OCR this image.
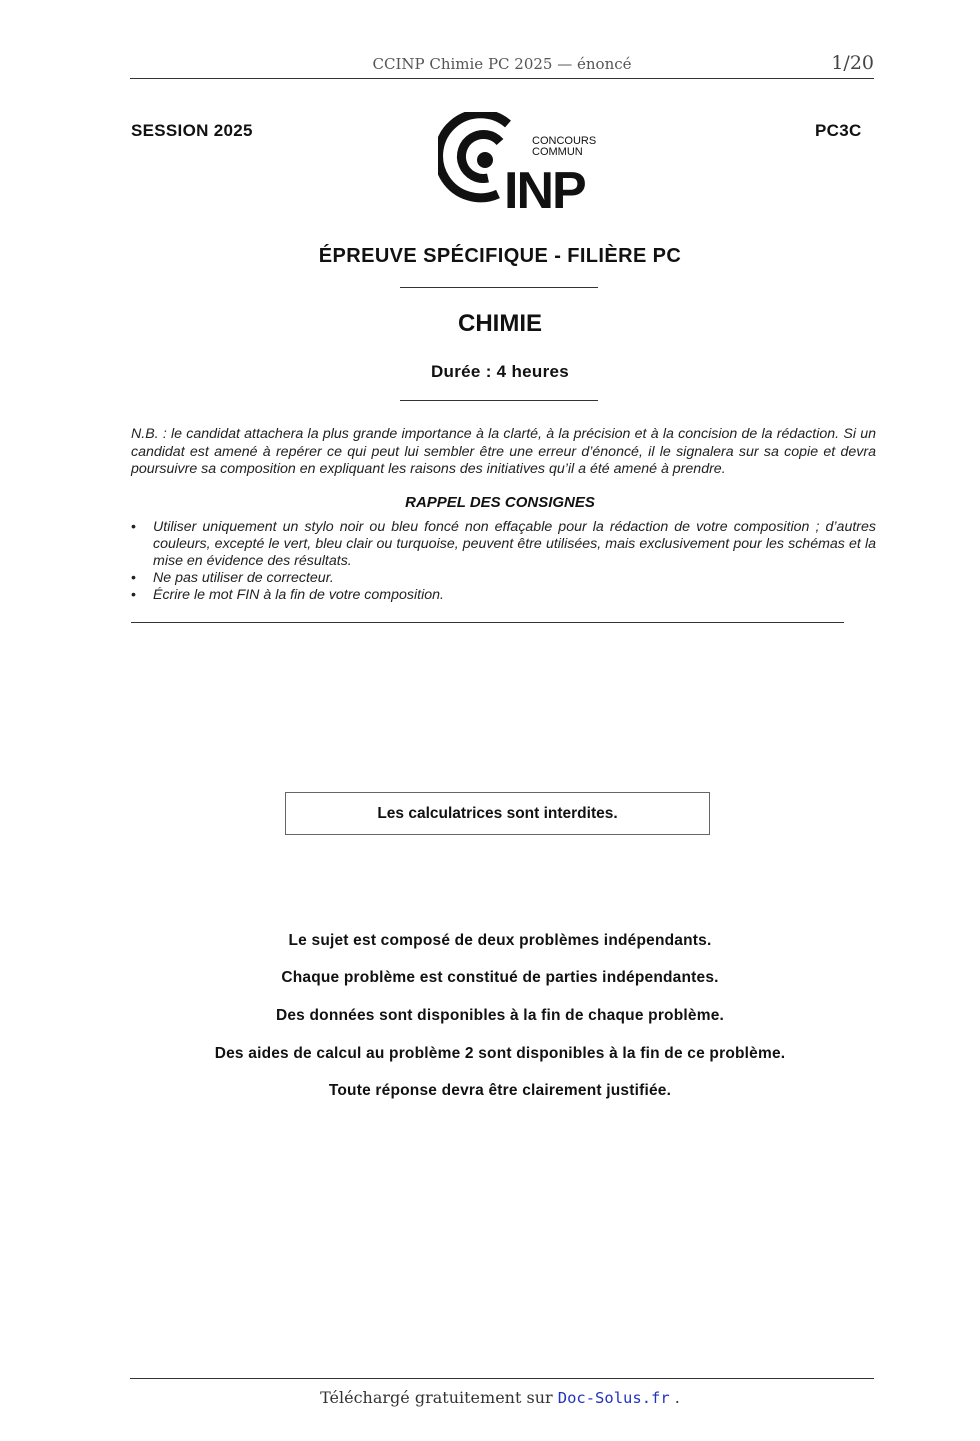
CCINP Chimie PC 2025 — énoncé	1/20
SESSION 2025	PC3C
CONCOURS
COMMUN
INP
ÉPREUVE SPÉCIFIQUE - FILIÈRE PC
CHIMIE
Durée : 4 heures
N.B. : le candidat attachera la plus grande importance à la clarté, à la précision et à la concision de la rédaction. Si un candidat est amené à repérer ce qui peut lui sembler être une erreur d’énoncé, il le signalera sur sa copie et devra poursuivre sa composition en expliquant les raisons des initiatives qu’il a été amené à prendre.
RAPPEL DES CONSIGNES
• Utiliser uniquement un stylo noir ou bleu foncé non effaçable pour la rédaction de votre composition ; d’autres couleurs, excepté le vert, bleu clair ou turquoise, peuvent être utilisées, mais exclusivement pour les schémas et la mise en évidence des résultats.
• Ne pas utiliser de correcteur.
• Écrire le mot FIN à la fin de votre composition.
Les calculatrices sont interdites.
Le sujet est composé de deux problèmes indépendants.
Chaque problème est constitué de parties indépendantes.
Des données sont disponibles à la fin de chaque problème.
Des aides de calcul au problème 2 sont disponibles à la fin de ce problème.
Toute réponse devra être clairement justifiée.
Téléchargé gratuitement sur Doc-Solus.fr .
